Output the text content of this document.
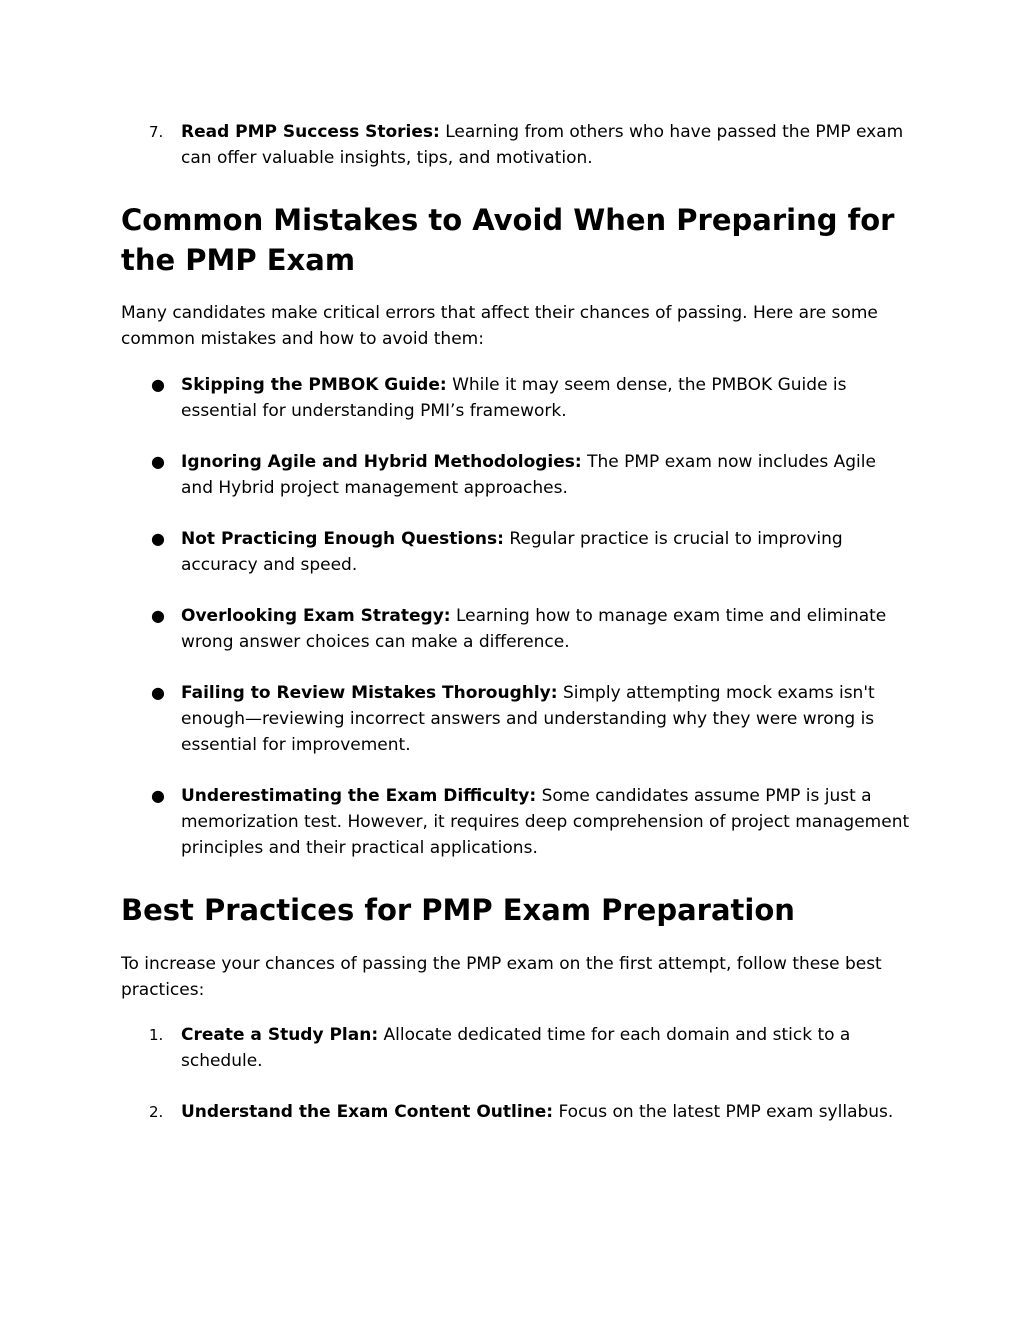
7. Read PMP Success Stories: Learning from others who have passed the PMP exam can offer valuable insights, tips, and motivation.
Common Mistakes to Avoid When Preparing for the PMP Exam

Many candidates make critical errors that affect their chances of passing. Here are some common mistakes and how to avoid them:

● Skipping the PMBOK Guide: While it may seem dense, the PMBOK Guide is essential for understanding PMI’s framework.
● Ignoring Agile and Hybrid Methodologies: The PMP exam now includes Agile and Hybrid project management approaches.
● Not Practicing Enough Questions: Regular practice is crucial to improving accuracy and speed.
● Overlooking Exam Strategy: Learning how to manage exam time and eliminate wrong answer choices can make a difference.
● Failing to Review Mistakes Thoroughly: Simply attempting mock exams isn't enough—reviewing incorrect answers and understanding why they were wrong is essential for improvement.
● Underestimating the Exam Difficulty: Some candidates assume PMP is just a memorization test. However, it requires deep comprehension of project management principles and their practical applications.
Best Practices for PMP Exam Preparation

To increase your chances of passing the PMP exam on the first attempt, follow these best practices:

1. Create a Study Plan: Allocate dedicated time for each domain and stick to a schedule.
2. Understand the Exam Content Outline: Focus on the latest PMP exam syllabus.
